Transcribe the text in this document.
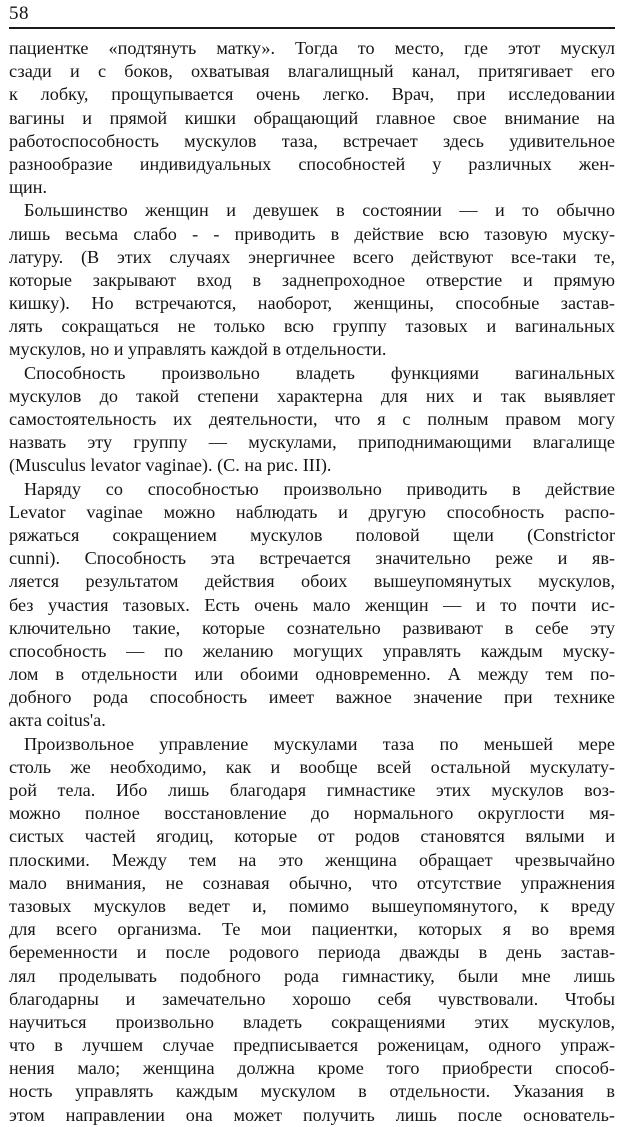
58
пациентке «подтянуть матку». Тогда то место, где этот мускул
сзади и с боков, охватывая влагалищный канал, притягивает его
к лобку, прощупывается очень легко. Врач, при исследовании
вагины и прямой кишки обращающий главное свое внимание на
работоспособность мускулов таза, встречает здесь удивительное
разнообразие индивидуальных способностей у различных жен-
щин.
Большинство женщин и девушек в состоянии — и то обычно
лишь весьма слабо - - приводить в действие всю тазовую муску-
латуру. (В этих случаях энергичнее всего действуют все-таки те,
которые закрывают вход в заднепроходное отверстие и прямую
кишку). Но встречаются, наоборот, женщины, способные застав-
лять сокращаться не только всю группу тазовых и вагинальных
мускулов, но и управлять каждой в отдельности.
Способность произвольно владеть функциями вагинальных
мускулов до такой степени характерна для них и так выявляет
самостоятельность их деятельности, что я с полным правом могу
назвать эту группу — мускулами, приподнимающими влагалище
(Musculus levator vaginae). (С. на рис. III).
Наряду со способностью произвольно приводить в действие
Levator vaginae можно наблюдать и другую способность распо-
ряжаться сокращением мускулов половой щели (Constrictor
cunni). Способность эта встречается значительно реже и яв-
ляется результатом действия обоих вышеупомянутых мускулов,
без участия тазовых. Есть очень мало женщин — и то почти ис-
ключительно такие, которые сознательно развивают в себе эту
способность — по желанию могущих управлять каждым муску-
лом в отдельности или обоими одновременно. А между тем по-
добного рода способность имеет важное значение при технике
акта coitus'а.
Произвольное управление мускулами таза по меньшей мере
столь же необходимо, как и вообще всей остальной мускулату-
рой тела. Ибо лишь благодаря гимнастике этих мускулов воз-
можно полное восстановление до нормального округлости мя-
систых частей ягодиц, которые от родов становятся вялыми и
плоскими. Между тем на это женщина обращает чрезвычайно
мало внимания, не сознавая обычно, что отсутствие упражнения
тазовых мускулов ведет и, помимо вышеупомянутого, к вреду
для всего организма. Те мои пациентки, которых я во время
беременности и после родового периода дважды в день застав-
лял проделывать подобного рода гимнастику, были мне лишь
благодарны и замечательно хорошо себя чувствовали. Чтобы
научиться произвольно владеть сокращениями этих мускулов,
что в лучшем случае предписывается роженицам, одного упраж-
нения мало; женщина должна кроме того приобрести способ-
ность управлять каждым мускулом в отдельности. Указания в
этом направлении она может получить лишь после основатель-
